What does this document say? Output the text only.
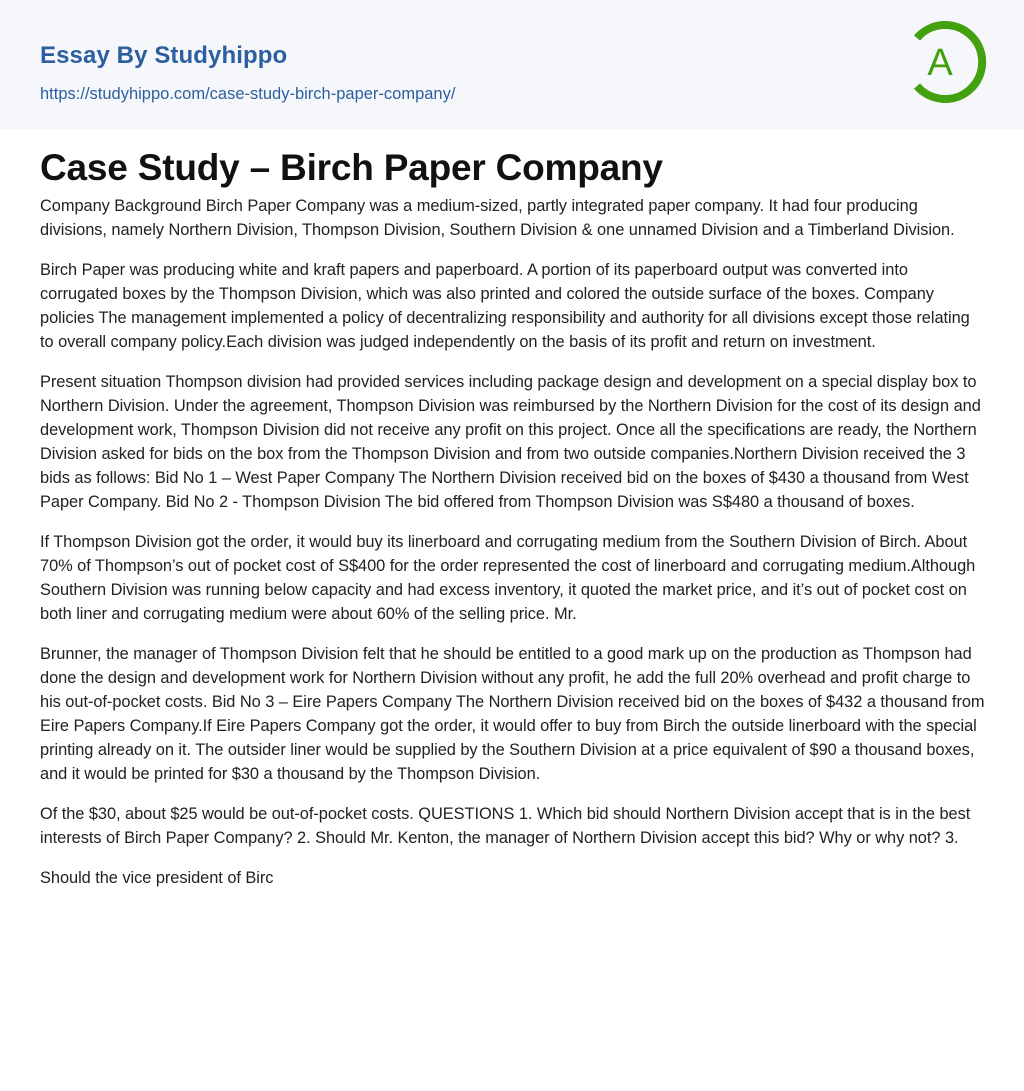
Essay By Studyhippo
https://studyhippo.com/case-study-birch-paper-company/
A
Case Study – Birch Paper Company

Company Background Birch Paper Company was a medium-sized, partly integrated paper company. It had four producing divisions, namely Northern Division, Thompson Division, Southern Division & one unnamed Division and a Timberland Division.

Birch Paper was producing white and kraft papers and paperboard. A portion of its paperboard output was converted into corrugated boxes by the Thompson Division, which was also printed and colored the outside surface of the boxes. Company policies The management implemented a policy of decentralizing responsibility and authority for all divisions except those relating to overall company policy.Each division was judged independently on the basis of its profit and return on investment.

Present situation Thompson division had provided services including package design and development on a special display box to Northern Division. Under the agreement, Thompson Division was reimbursed by the Northern Division for the cost of its design and development work, Thompson Division did not receive any profit on this project. Once all the specifications are ready, the Northern Division asked for bids on the box from the Thompson Division and from two outside companies.Northern Division received the 3 bids as follows: Bid No 1 – West Paper Company The Northern Division received bid on the boxes of $430 a thousand from West Paper Company. Bid No 2 - Thompson Division The bid offered from Thompson Division was S$480 a thousand of boxes.

If Thompson Division got the order, it would buy its linerboard and corrugating medium from the Southern Division of Birch. About 70% of Thompson’s out of pocket cost of S$400 for the order represented the cost of linerboard and corrugating medium.Although Southern Division was running below capacity and had excess inventory, it quoted the market price, and it’s out of pocket cost on both liner and corrugating medium were about 60% of the selling price. Mr.

Brunner, the manager of Thompson Division felt that he should be entitled to a good mark up on the production as Thompson had done the design and development work for Northern Division without any profit, he add the full 20% overhead and profit charge to his out-of-pocket costs. Bid No 3 – Eire Papers Company The Northern Division received bid on the boxes of $432 a thousand from Eire Papers Company.If Eire Papers Company got the order, it would offer to buy from Birch the outside linerboard with the special printing already on it. The outsider liner would be supplied by the Southern Division at a price equivalent of $90 a thousand boxes, and it would be printed for $30 a thousand by the Thompson Division.

Of the $30, about $25 would be out-of-pocket costs. QUESTIONS 1. Which bid should Northern Division accept that is in the best interests of Birch Paper Company? 2. Should Mr. Kenton, the manager of Northern Division accept this bid? Why or why not? 3.

Should the vice president of Birc
